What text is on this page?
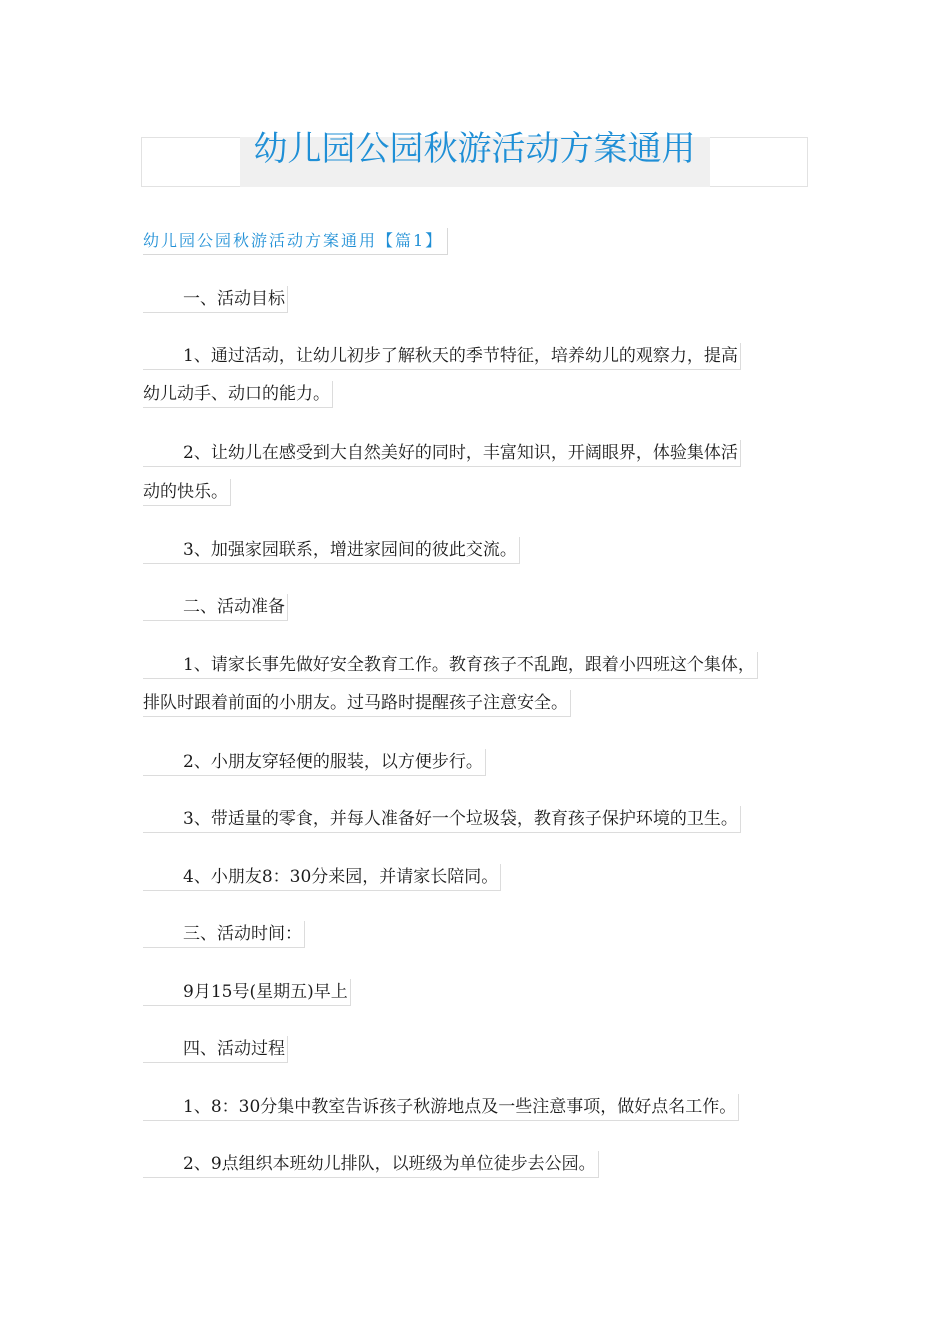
幼儿园公园秋游活动方案通用
幼儿园公园秋游活动方案通用【篇1】
一、活动目标
1、通过活动，让幼儿初步了解秋天的季节特征，培养幼儿的观察力，提高
幼儿动手、动口的能力。
2、让幼儿在感受到大自然美好的同时，丰富知识，开阔眼界，体验集体活
动的快乐。
3、加强家园联系，增进家园间的彼此交流。
二、活动准备
1、请家长事先做好安全教育工作。教育孩子不乱跑，跟着小四班这个集体，
排队时跟着前面的小朋友。过马路时提醒孩子注意安全。
2、小朋友穿轻便的服装，以方便步行。
3、带适量的零食，并每人准备好一个垃圾袋，教育孩子保护环境的卫生。
4、小朋友8：30分来园，并请家长陪同。
三、活动时间：
9月15号(星期五)早上
四、活动过程
1、8：30分集中教室告诉孩子秋游地点及一些注意事项，做好点名工作。
2、9点组织本班幼儿排队，以班级为单位徒步去公园。
